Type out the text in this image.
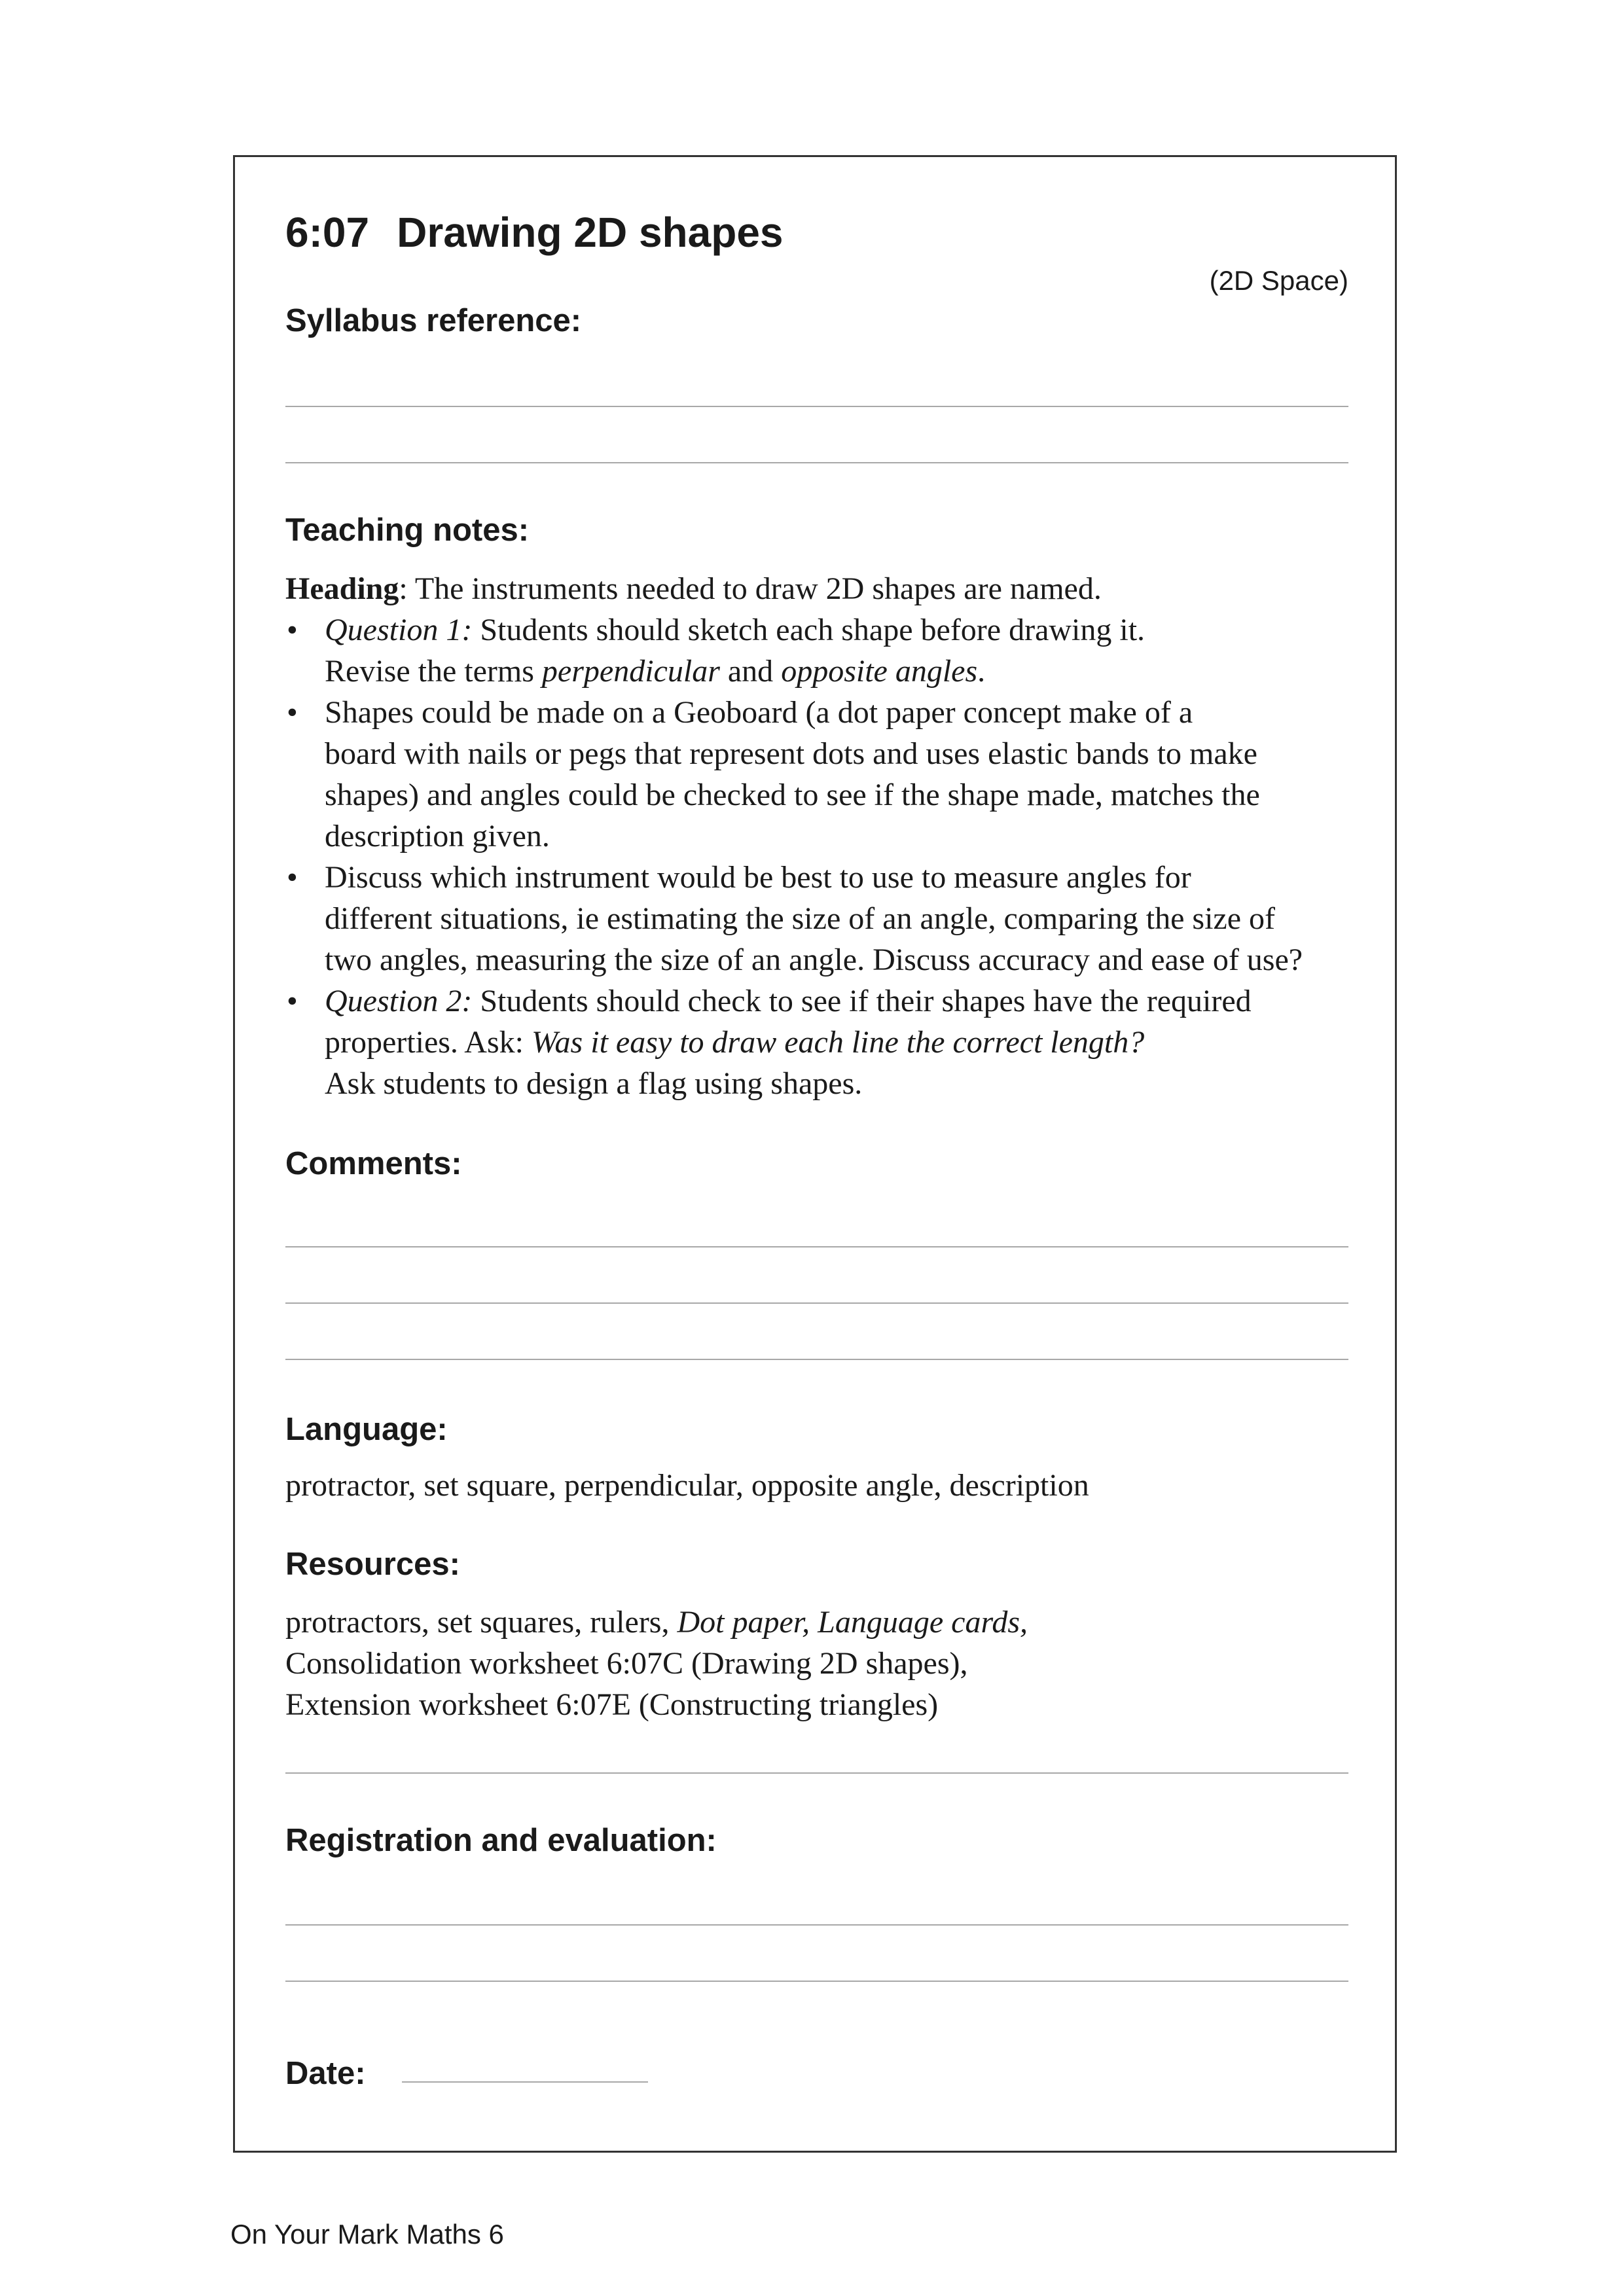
6:07 Drawing 2D shapes
(2D Space)
Syllabus reference:
Teaching notes:
Heading: The instruments needed to draw 2D shapes are named.
• Question 1: Students should sketch each shape before drawing it.
Revise the terms perpendicular and opposite angles.
• Shapes could be made on a Geoboard (a dot paper concept make of a
board with nails or pegs that represent dots and uses elastic bands to make
shapes) and angles could be checked to see if the shape made, matches the
description given.
• Discuss which instrument would be best to use to measure angles for
different situations, ie estimating the size of an angle, comparing the size of
two angles, measuring the size of an angle. Discuss accuracy and ease of use?
• Question 2: Students should check to see if their shapes have the required
properties. Ask: Was it easy to draw each line the correct length?
Ask students to design a flag using shapes.
Comments:
Language:
protractor, set square, perpendicular, opposite angle, description
Resources:
protractors, set squares, rulers, Dot paper, Language cards,
Consolidation worksheet 6:07C (Drawing 2D shapes),
Extension worksheet 6:07E (Constructing triangles)
Registration and evaluation:
Date:
On Your Mark Maths 6
